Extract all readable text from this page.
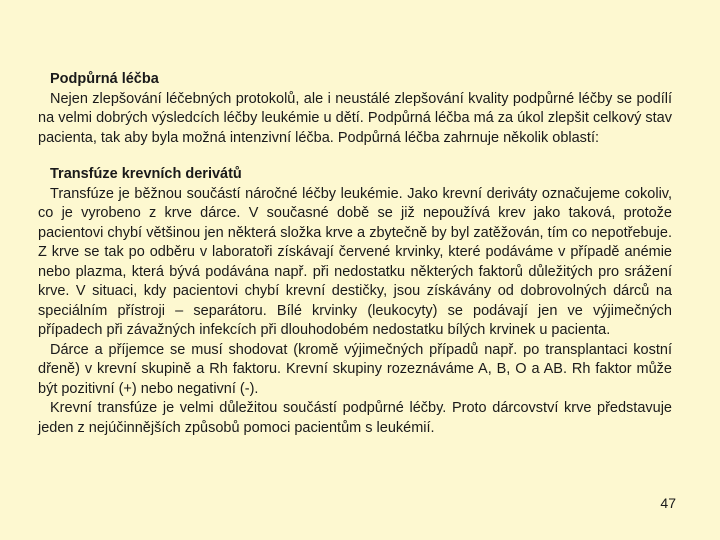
Podpůrná léčba

Nejen zlepšování léčebných protokolů, ale i neustálé zlepšování kvality podpůrné léčby se podílí na velmi dobrých výsledcích léčby leukémie u dětí. Podpůrná léčba má za úkol zlepšit celkový stav pacienta, tak aby byla možná intenzivní léčba. Podpůrná léčba zahrnuje několik oblastí:

Transfúze krevních derivátů

Transfúze je běžnou součástí náročné léčby leukémie. Jako krevní deriváty označujeme cokoliv, co je vyrobeno z krve dárce. V současné době se již nepoužívá krev jako taková, protože pacientovi chybí většinou jen některá složka krve a zbytečně by byl zatěžován, tím co nepotřebuje. Z krve se tak po odběru v laboratoři získávají červené krvinky, které podáváme v případě anémie nebo plazma, která bývá podávána např. při nedostatku některých faktorů důležitých pro srážení krve. V situaci, kdy pacientovi chybí krevní destičky, jsou získávány od dobrovolných dárců na speciálním přístroji – separátoru. Bílé krvinky (leukocyty) se podávají jen ve výjimečných případech při závažných infekcích při dlouhodobém nedostatku bílých krvinek u pacienta.

Dárce a příjemce se musí shodovat (kromě výjimečných případů např. po transplantaci kostní dřeně) v krevní skupině a Rh faktoru. Krevní skupiny rozeznáváme A, B, O a AB. Rh faktor může být pozitivní (+) nebo negativní (-).

Krevní transfúze je velmi důležitou součástí podpůrné léčby. Proto dárcovství krve představuje jeden z nejúčinnějších způsobů pomoci pacientům s leukémií.

47
